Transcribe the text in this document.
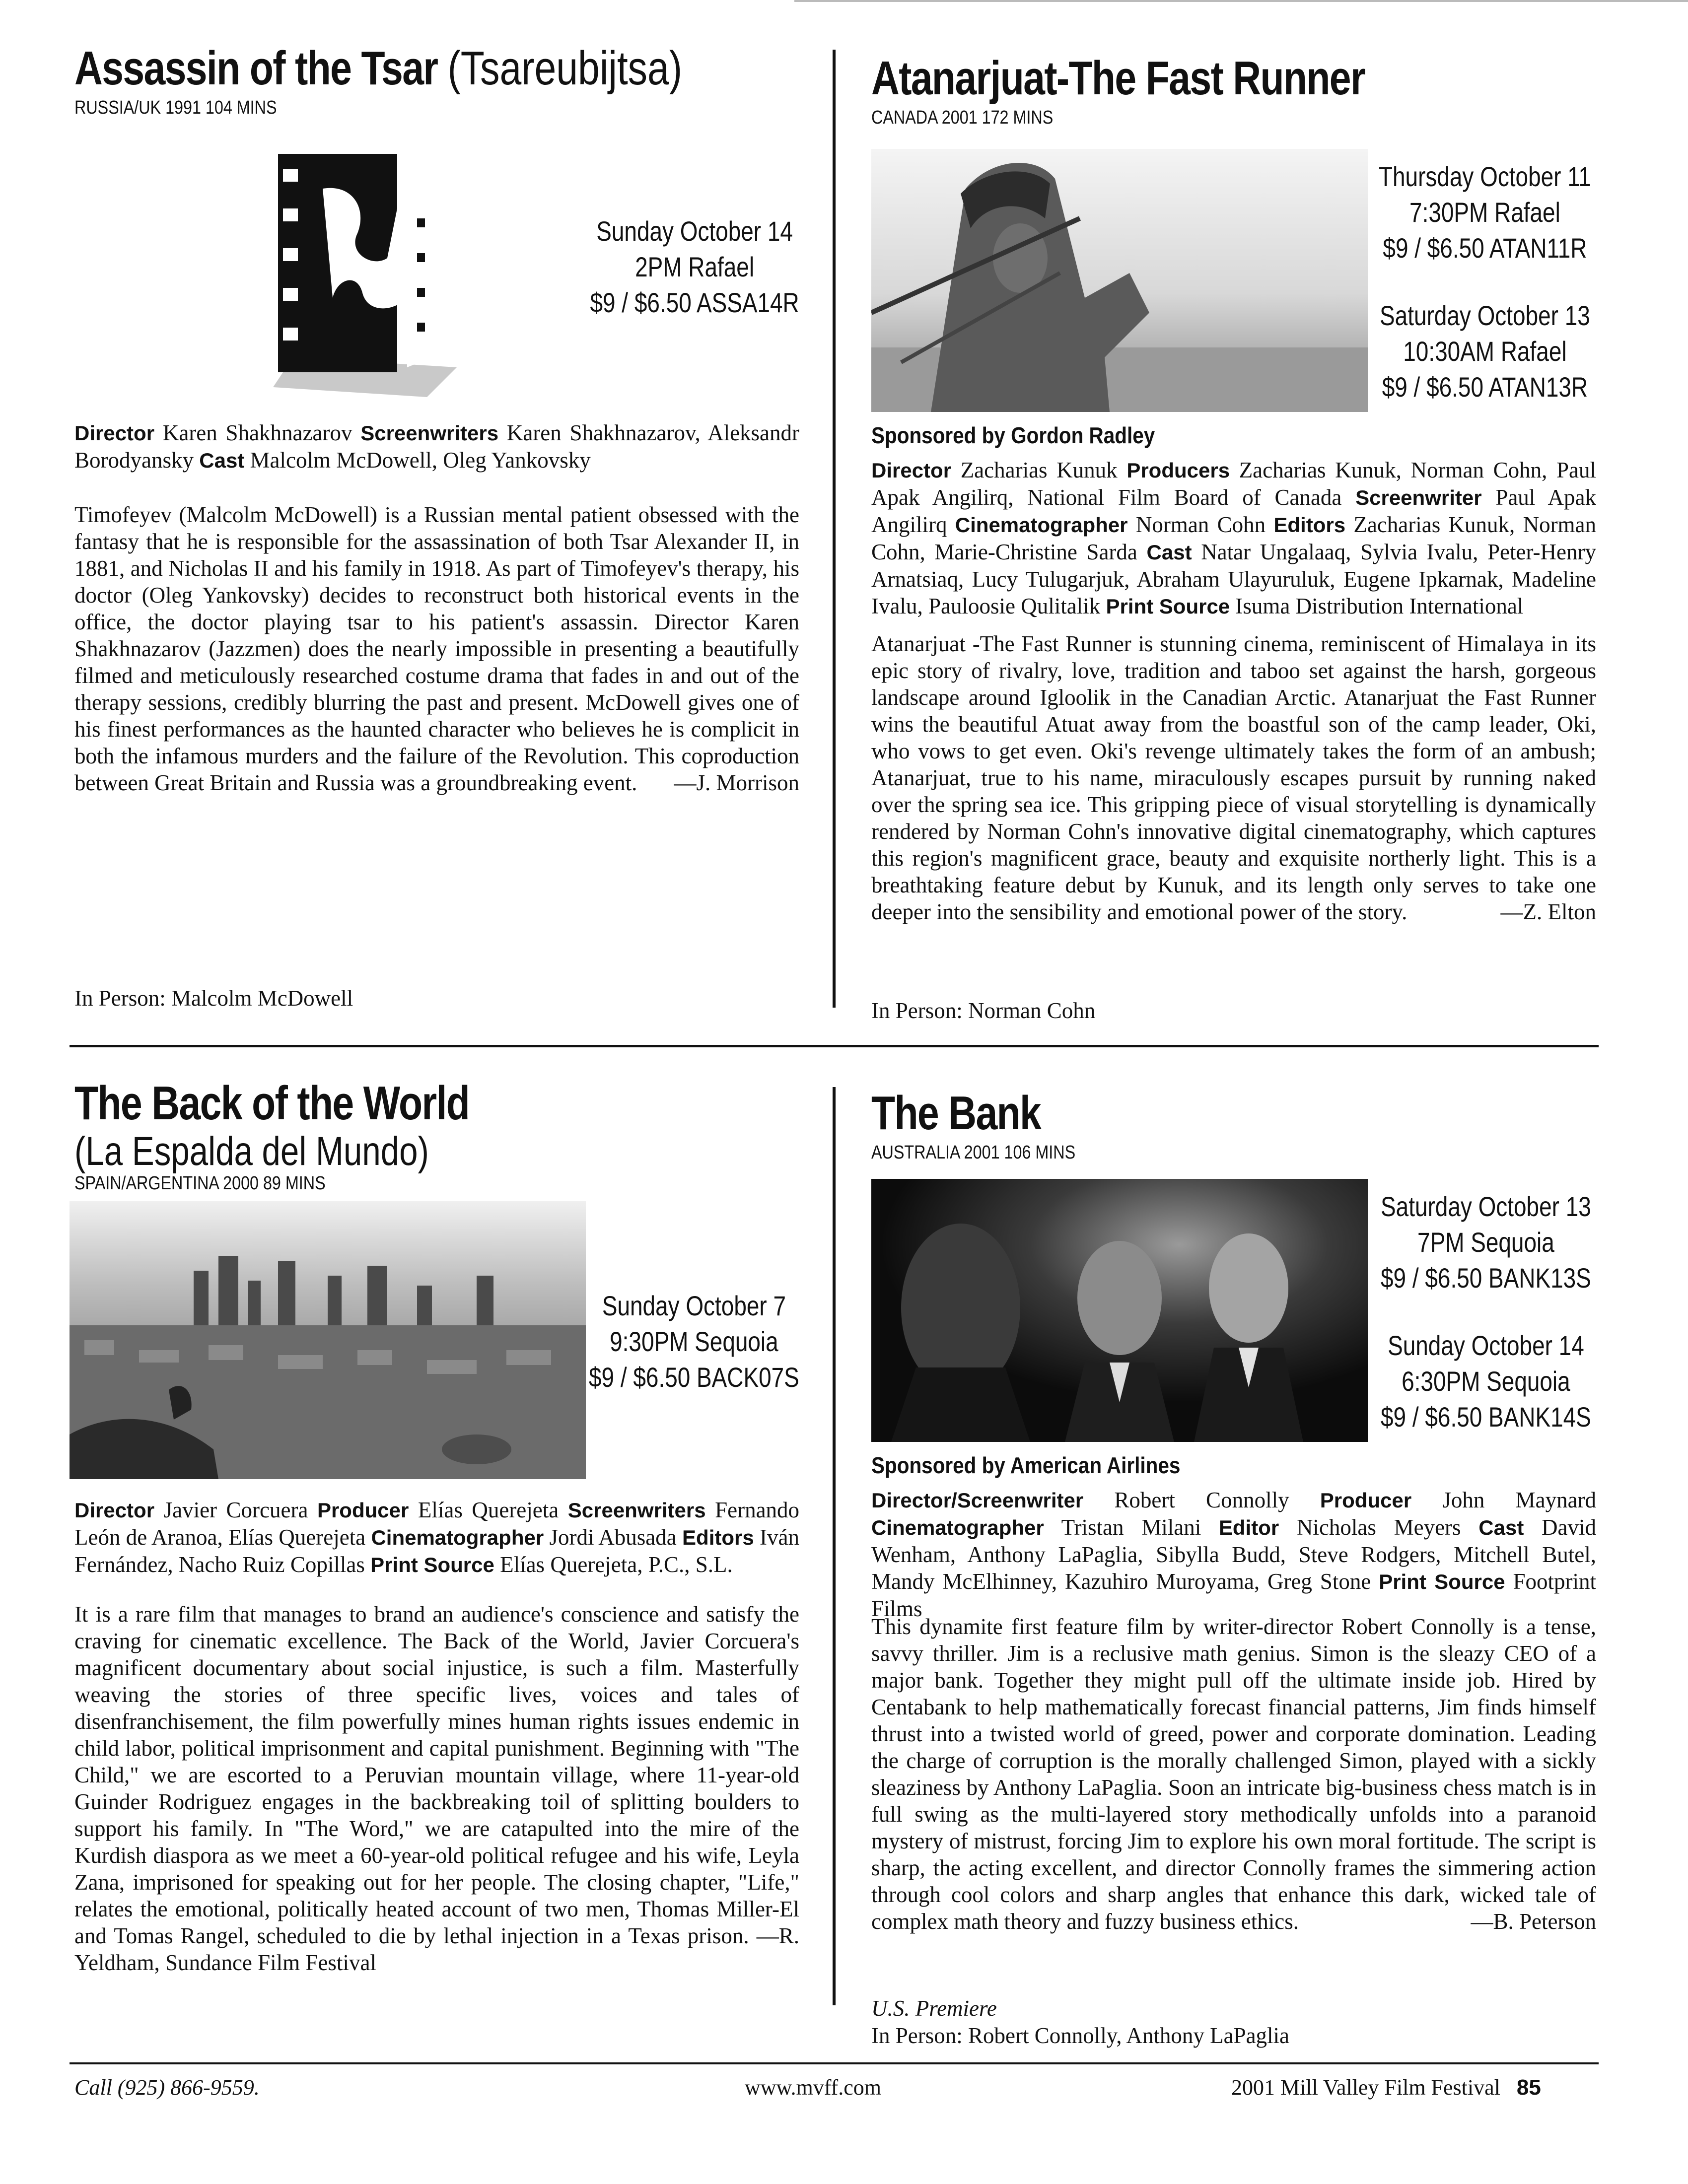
Assassin of the Tsar (Tsareubijtsa)
RUSSIA/UK 1991 104 MINS
Sunday October 14
2PM Rafael
$9 / $6.50 ASSA14R
Director Karen Shakhnazarov Screenwriters Karen Shakhnazarov, Aleksandr Borodyansky Cast Malcolm McDowell, Oleg Yankovsky
Timofeyev (Malcolm McDowell) is a Russian mental patient obsessed with the fantasy that he is responsible for the assassination of both Tsar Alexander II, in 1881, and Nicholas II and his family in 1918. As part of Timofeyev's therapy, his doctor (Oleg Yankovsky) decides to reconstruct both historical events in the office, the doctor playing tsar to his patient's assassin. Director Karen Shakhnazarov (Jazzmen) does the nearly impossible in presenting a beautifully filmed and meticulously researched costume drama that fades in and out of the therapy sessions, credibly blurring the past and present. McDowell gives one of his finest performances as the haunted character who believes he is complicit in both the infamous murders and the failure of the Revolution. This coproduction between Great Britain and Russia was a groundbreaking event. —J. Morrison
In Person: Malcolm McDowell
Atanarjuat-The Fast Runner
CANADA 2001 172 MINS
Thursday October 11
7:30PM Rafael
$9 / $6.50 ATAN11R
Saturday October 13
10:30AM Rafael
$9 / $6.50 ATAN13R
Sponsored by Gordon Radley
Director Zacharias Kunuk Producers Zacharias Kunuk, Norman Cohn, Paul Apak Angilirq, National Film Board of Canada Screenwriter Paul Apak Angilirq Cinematographer Norman Cohn Editors Zacharias Kunuk, Norman Cohn, Marie-Christine Sarda Cast Natar Ungalaaq, Sylvia Ivalu, Peter-Henry Arnatsiaq, Lucy Tulugarjuk, Abraham Ulayuruluk, Eugene Ipkarnak, Madeline Ivalu, Pauloosie Qulitalik Print Source Isuma Distribution International
Atanarjuat -The Fast Runner is stunning cinema, reminiscent of Himalaya in its epic story of rivalry, love, tradition and taboo set against the harsh, gorgeous landscape around Igloolik in the Canadian Arctic. Atanarjuat the Fast Runner wins the beautiful Atuat away from the boastful son of the camp leader, Oki, who vows to get even. Oki's revenge ultimately takes the form of an ambush; Atanarjuat, true to his name, miraculously escapes pursuit by running naked over the spring sea ice. This gripping piece of visual storytelling is dynamically rendered by Norman Cohn's innovative digital cinematography, which captures this region's magnificent grace, beauty and exquisite northerly light. This is a breathtaking feature debut by Kunuk, and its length only serves to take one deeper into the sensibility and emotional power of the story.	—Z. Elton
In Person: Norman Cohn
The Back of the World
(La Espalda del Mundo)
SPAIN/ARGENTINA 2000 89 MINS
Sunday October 7
9:30PM Sequoia
$9 / $6.50 BACK07S
Director Javier Corcuera Producer Elías Querejeta Screenwriters Fernando León de Aranoa, Elías Querejeta Cinematographer Jordi Abusada Editors Iván Fernández, Nacho Ruiz Copillas Print Source Elías Querejeta, P.C., S.L.
It is a rare film that manages to brand an audience's conscience and satisfy the craving for cinematic excellence. The Back of the World, Javier Corcuera's magnificent documentary about social injustice, is such a film. Masterfully weaving the stories of three specific lives, voices and tales of disenfranchisement, the film powerfully mines human rights issues endemic in child labor, political imprisonment and capital punishment. Beginning with "The Child," we are escorted to a Peruvian mountain village, where 11-year-old Guinder Rodriguez engages in the backbreaking toil of splitting boulders to support his family. In "The Word," we are catapulted into the mire of the Kurdish diaspora as we meet a 60-year-old political refugee and his wife, Leyla Zana, imprisoned for speaking out for her people. The closing chapter, "Life," relates the emotional, politically heated account of two men, Thomas Miller-El and Tomas Rangel, scheduled to die by lethal injection in a Texas prison. —R. Yeldham, Sundance Film Festival
The Bank
AUSTRALIA 2001 106 MINS
Saturday October 13
7PM Sequoia
$9 / $6.50 BANK13S
Sunday October 14
6:30PM Sequoia
$9 / $6.50 BANK14S
Sponsored by American Airlines
Director/Screenwriter Robert Connolly Producer John Maynard Cinematographer Tristan Milani Editor Nicholas Meyers Cast David Wenham, Anthony LaPaglia, Sibylla Budd, Steve Rodgers, Mitchell Butel, Mandy McElhinney, Kazuhiro Muroyama, Greg Stone Print Source Footprint Films
This dynamite first feature film by writer-director Robert Connolly is a tense, savvy thriller. Jim is a reclusive math genius. Simon is the sleazy CEO of a major bank. Together they might pull off the ultimate inside job. Hired by Centabank to help mathematically forecast financial patterns, Jim finds himself thrust into a twisted world of greed, power and corporate domination. Leading the charge of corruption is the morally challenged Simon, played with a sickly sleaziness by Anthony LaPaglia. Soon an intricate big-business chess match is in full swing as the multi-layered story methodically unfolds into a paranoid mystery of mistrust, forcing Jim to explore his own moral fortitude. The script is sharp, the acting excellent, and director Connolly frames the simmering action through cool colors and sharp angles that enhance this dark, wicked tale of complex math theory and fuzzy business ethics.	—B. Peterson
U.S. Premiere
In Person: Robert Connolly, Anthony LaPaglia
Call (925) 866-9559.	www.mvff.com	2001 Mill Valley Film Festival 85
